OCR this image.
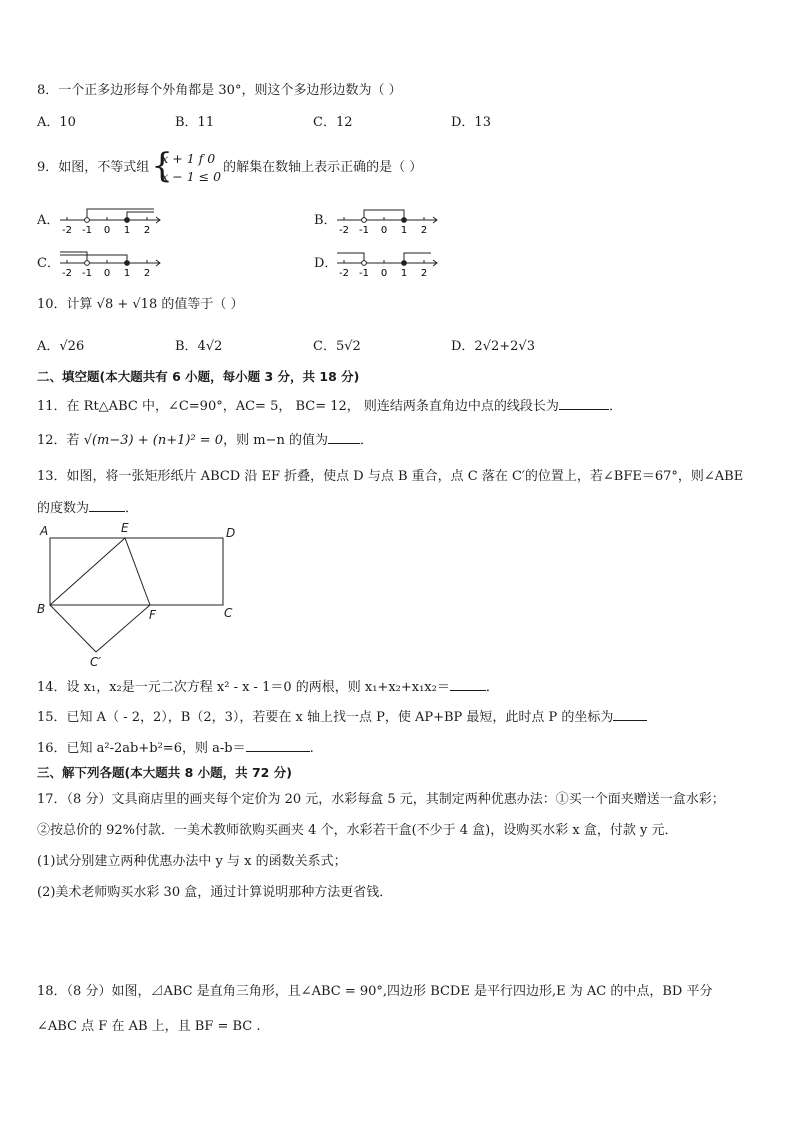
8．一个正多边形每个外角都是 30°，则这个多边形边数为（ ）
A．10	B．11	C．12	D．13
9．如图，不等式组 {
x + 1 f 0
x − 1 ≤ 0
的解集在数轴上表示正确的是（ ）
A．
-2 -1 0 1 2
B．
-2 -1 0 1 2
C．
-2 -1 0 1 2
D．
-2 -1 0 1 2
10．计算 √8 + √18 的值等于（ ）
A．√26	B．4√2	C．5√2	D．2√2+2√3
二、填空题(本大题共有 6 小题，每小题 3 分，共 18 分)
11．在 Rt△ABC 中，∠C=90°，AC= 5， BC= 12， 则连结两条直角边中点的线段长为	．
12．若 √(m−3) + (n+1)² = 0，则 m−n 的值为 ．
13．如图，将一张矩形纸片 ABCD 沿 EF 折叠，使点 D 与点 B 重合，点 C 落在 C′的位置上，若∠BFE＝67°，则∠ABE
的度数为	．
A	E	D
B	F	C
C′
14．设 x₁，x₂是一元二次方程 x² - x - 1＝0 的两根，则 x₁+x₂+x₁x₂＝	．
15．已知 A（ - 2，2），B（2，3），若要在 x 轴上找一点 P，使 AP+BP 最短，此时点 P 的坐标为
16．已知 a²-2ab+b²=6，则 a-b＝	.
三、解下列各题(本大题共 8 小题，共 72 分)
17．（8 分）文具商店里的画夹每个定价为 20 元，水彩每盒 5 元，其制定两种优惠办法：①买一个面夹赠送一盒水彩；
②按总价的 92%付款．一美术教师欲购买画夹 4 个，水彩若干盒(不少于 4 盒)，设购买水彩 x 盒，付款 y 元．
(1)试分别建立两种优惠办法中 y 与 x 的函数关系式；
(2)美术老师购买水彩 30 盒，通过计算说明那种方法更省钱．
18．（8 分）如图，⊿ABC 是直角三角形，且∠ABC = 90°,四边形 BCDE 是平行四边形,E 为 AC 的中点，BD 平分
∠ABC 点 F 在 AB 上，且 BF = BC .
